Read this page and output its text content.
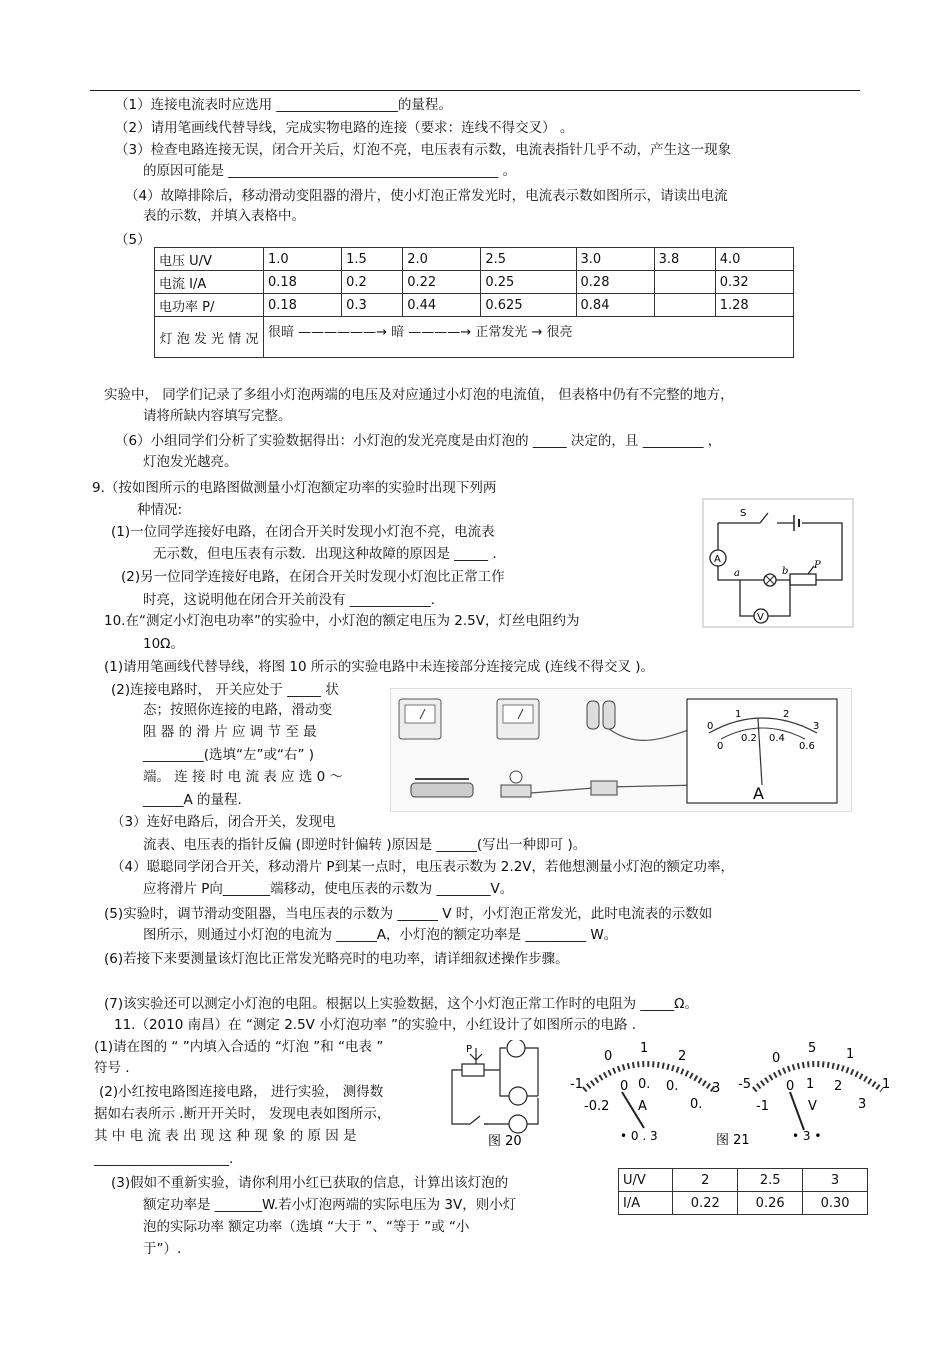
（1）连接电流表时应选用 __________________的量程。
（2）请用笔画线代替导线，完成实物电路的连接（要求：连线不得交叉） 。
（3）检查电路连接无误，闭合开关后，灯泡不亮，电压表有示数，电流表指针几乎不动，产生这一现象
的原因可能是 ________________________________________ 。
（4）故障排除后，移动滑动变阻器的滑片，使小灯泡正常发光时，电流表示数如图所示，请读出电流
表的示数，并填入表格中。
（5）
电压 U/V	1.0	1.5	2.0	2.5	3.0	3.8	4.0
电流 I/A	0.18	0.2	0.22	0.25	0.28		0.32
电功率 P/	0.18	0.3	0.44	0.625	0.84		1.28
灯 泡 发 光 情 况	很暗 ——————→ 暗 ————→ 正常发光 → 很亮						
实验中， 同学们记录了多组小灯泡两端的电压及对应通过小灯泡的电流值， 但表格中仍有不完整的地方，
请将所缺内容填写完整。
（6）小组同学们分析了实验数据得出：小灯泡的发光亮度是由灯泡的 _____ 决定的，且 _________ ，
灯泡发光越亮。
9.（按如图所示的电路图做测量小灯泡额定功率的实验时出现下列两
种情况:
(1)一位同学连接好电路，在闭合开关时发现小灯泡不亮，电流表
无示数，但电压表有示数．出现这种故障的原因是 _____ .
(2)另一位同学连接好电路，在闭合开关时发现小灯泡比正常工作
时亮，这说明他在闭合开关前没有 ____________.
S
A
P
a	b
V
10.在“测定小灯泡电功率”的实验中，小灯泡的额定电压为 2.5V，灯丝电阻约为
10Ω。
(1)请用笔画线代替导线，将图 10 所示的实验电路中未连接部分连接完成 (连线不得交叉 )。
(2)连接电路时， 开关应处于 _____ 状
态；按照你连接的电路，滑动变
阻 器 的 滑 片 应 调 节 至 最
_________(选填“左”或“右” )
端。 连 接 时 电 流 表 应 选 0 ～
______A 的量程.
0
1	2
3
0
0.2 0.4
0.6
A
（3）连好电路后，闭合开关，发现电
流表、电压表的指针反偏 (即逆时针偏转 )原因是 ______(写出一种即可 )。
（4）聪聪同学闭合开关，移动滑片 P到某一点时，电压表示数为 2.2V，若他想测量小灯泡的额定功率，
应将滑片 P向_______端移动，使电压表的示数为 ________V。
(5)实验时，调节滑动变阻器，当电压表的示数为 ______ V 时，小灯泡正常发光，此时电流表的示数如
图所示，则通过小灯泡的电流为 ______A，小灯泡的额定功率是 _________ W。
(6)若接下来要测量该灯泡比正常发光略亮时的电功率，请详细叙述操作步骤。
(7)该实验还可以测定小灯泡的电阻。根据以上实验数据，这个小灯泡正常工作时的电阻为 _____Ω。
11.（2010 南昌）在 “测定 2.5V 小灯泡功率 ”的实验中，小红设计了如图所示的电路 .
(1)请在图的 “ ”内填入合适的 “灯泡 ”和 “电表 ”
符号 .
(2)小红按电路图连接电路， 进行实验， 测得数
据如右表所示 .断开开关时， 发现电表如图所示，
其 中 电 流 表 出 现 这 种 现 象 的 原 因 是
____________________.
(3)假如不重新实验，请你利用小红已获取的信息，计算出该灯泡的
额定功率是 _______W.若小灯泡两端的实际电压为 3V，则小灯
泡的实际功率 额定功率（选填 “大于 ”、“等于 ”或 “小
于”）.
P
图 20
0
1
2
-1	0 0. 0.	3
-0.2 A	0.
• 0 . 3	图 21
0
5 1
-5	0 1 2	1
-1	V	3
• 3 •
U/V	2	2.5	3
I/A	0.22	0.26	0.30
